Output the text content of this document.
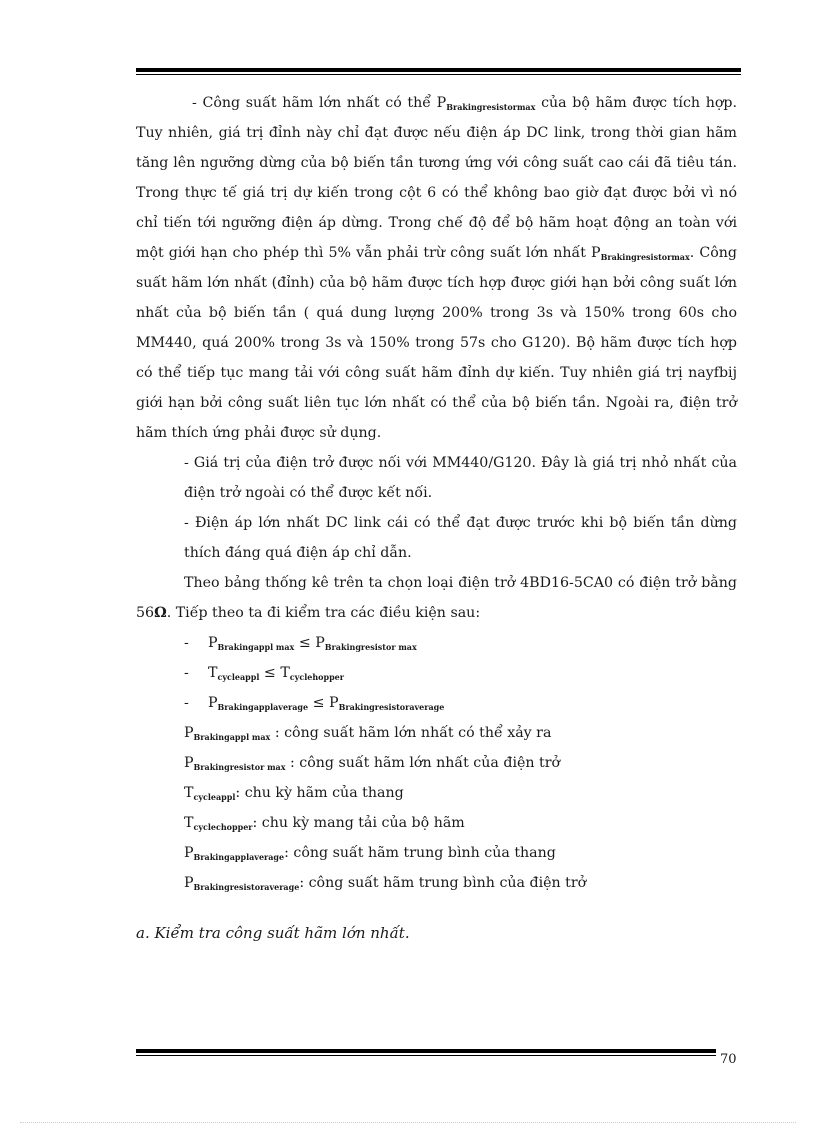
- Công suất hãm lớn nhất có thể $P_{Brakingresistormax}$ của bộ hãm được tích hợp. Tuy nhiên, giá trị đỉnh này chỉ đạt được nếu điện áp DC link, trong thời gian hãm tăng lên ngưỡng dừng của bộ biến tần tương ứng với công suất cao cái đã tiêu tán. Trong thực tế giá trị dự kiến trong cột 6 có thể không bao giờ đạt được bởi vì nó chỉ tiến tới ngưỡng điện áp dừng. Trong chế độ để bộ hãm hoạt động an toàn với một giới hạn cho phép thì 5% vẫn phải trừ công suất lớn nhất $P_{Brakingresistormax}$. Công suất hãm lớn nhất (đỉnh) của bộ hãm được tích hợp được giới hạn bởi công suất lớn nhất của bộ biến tần ( quá dung lượng 200% trong 3s và 150% trong 60s cho MM440, quá 200% trong 3s và 150% trong 57s cho G120). Bộ hãm được tích hợp có thể tiếp tục mang tải với công suất hãm đỉnh dự kiến. Tuy nhiên giá trị nayfbij giới hạn bởi công suất liên tục lớn nhất có thể của bộ biến tần. Ngoài ra, điện trở hãm thích ứng phải được sử dụng.

- Giá trị của điện trở được nối với MM440/G120. Đây là giá trị nhỏ nhất của điện trở ngoài có thể được kết nối.

- Điện áp lớn nhất DC link cái có thể đạt được trước khi bộ biến tần dừng thích đáng quá điện áp chỉ dẫn.

Theo bảng thống kê trên ta chọn loại điện trở 4BD16-5CA0 có điện trở bằng 56Ω. Tiếp theo ta đi kiểm tra các điều kiện sau:

- $P_{Brakingappl max} \le P_{Brakingresistor max}$

- $T_{cycleappl} \le T_{cyclehopper}$

- $P_{Brakingapplaverage} \le P_{Brakingresistoraverage}$

$P_{Brakingappl max}$ : công suất hãm lớn nhất có thể xảy ra

$P_{Brakingresistor max}$ : công suất hãm lớn nhất của điện trở

$T_{cycleappl}$: chu kỳ hãm của thang

$T_{cyclechopper}$: chu kỳ mang tải của bộ hãm

$P_{Brakingapplaverage}$: công suất hãm trung bình của thang

$P_{Brakingresistoraverage}$: công suất hãm trung bình của điện trở

a. Kiểm tra công suất hãm lớn nhất.

70
